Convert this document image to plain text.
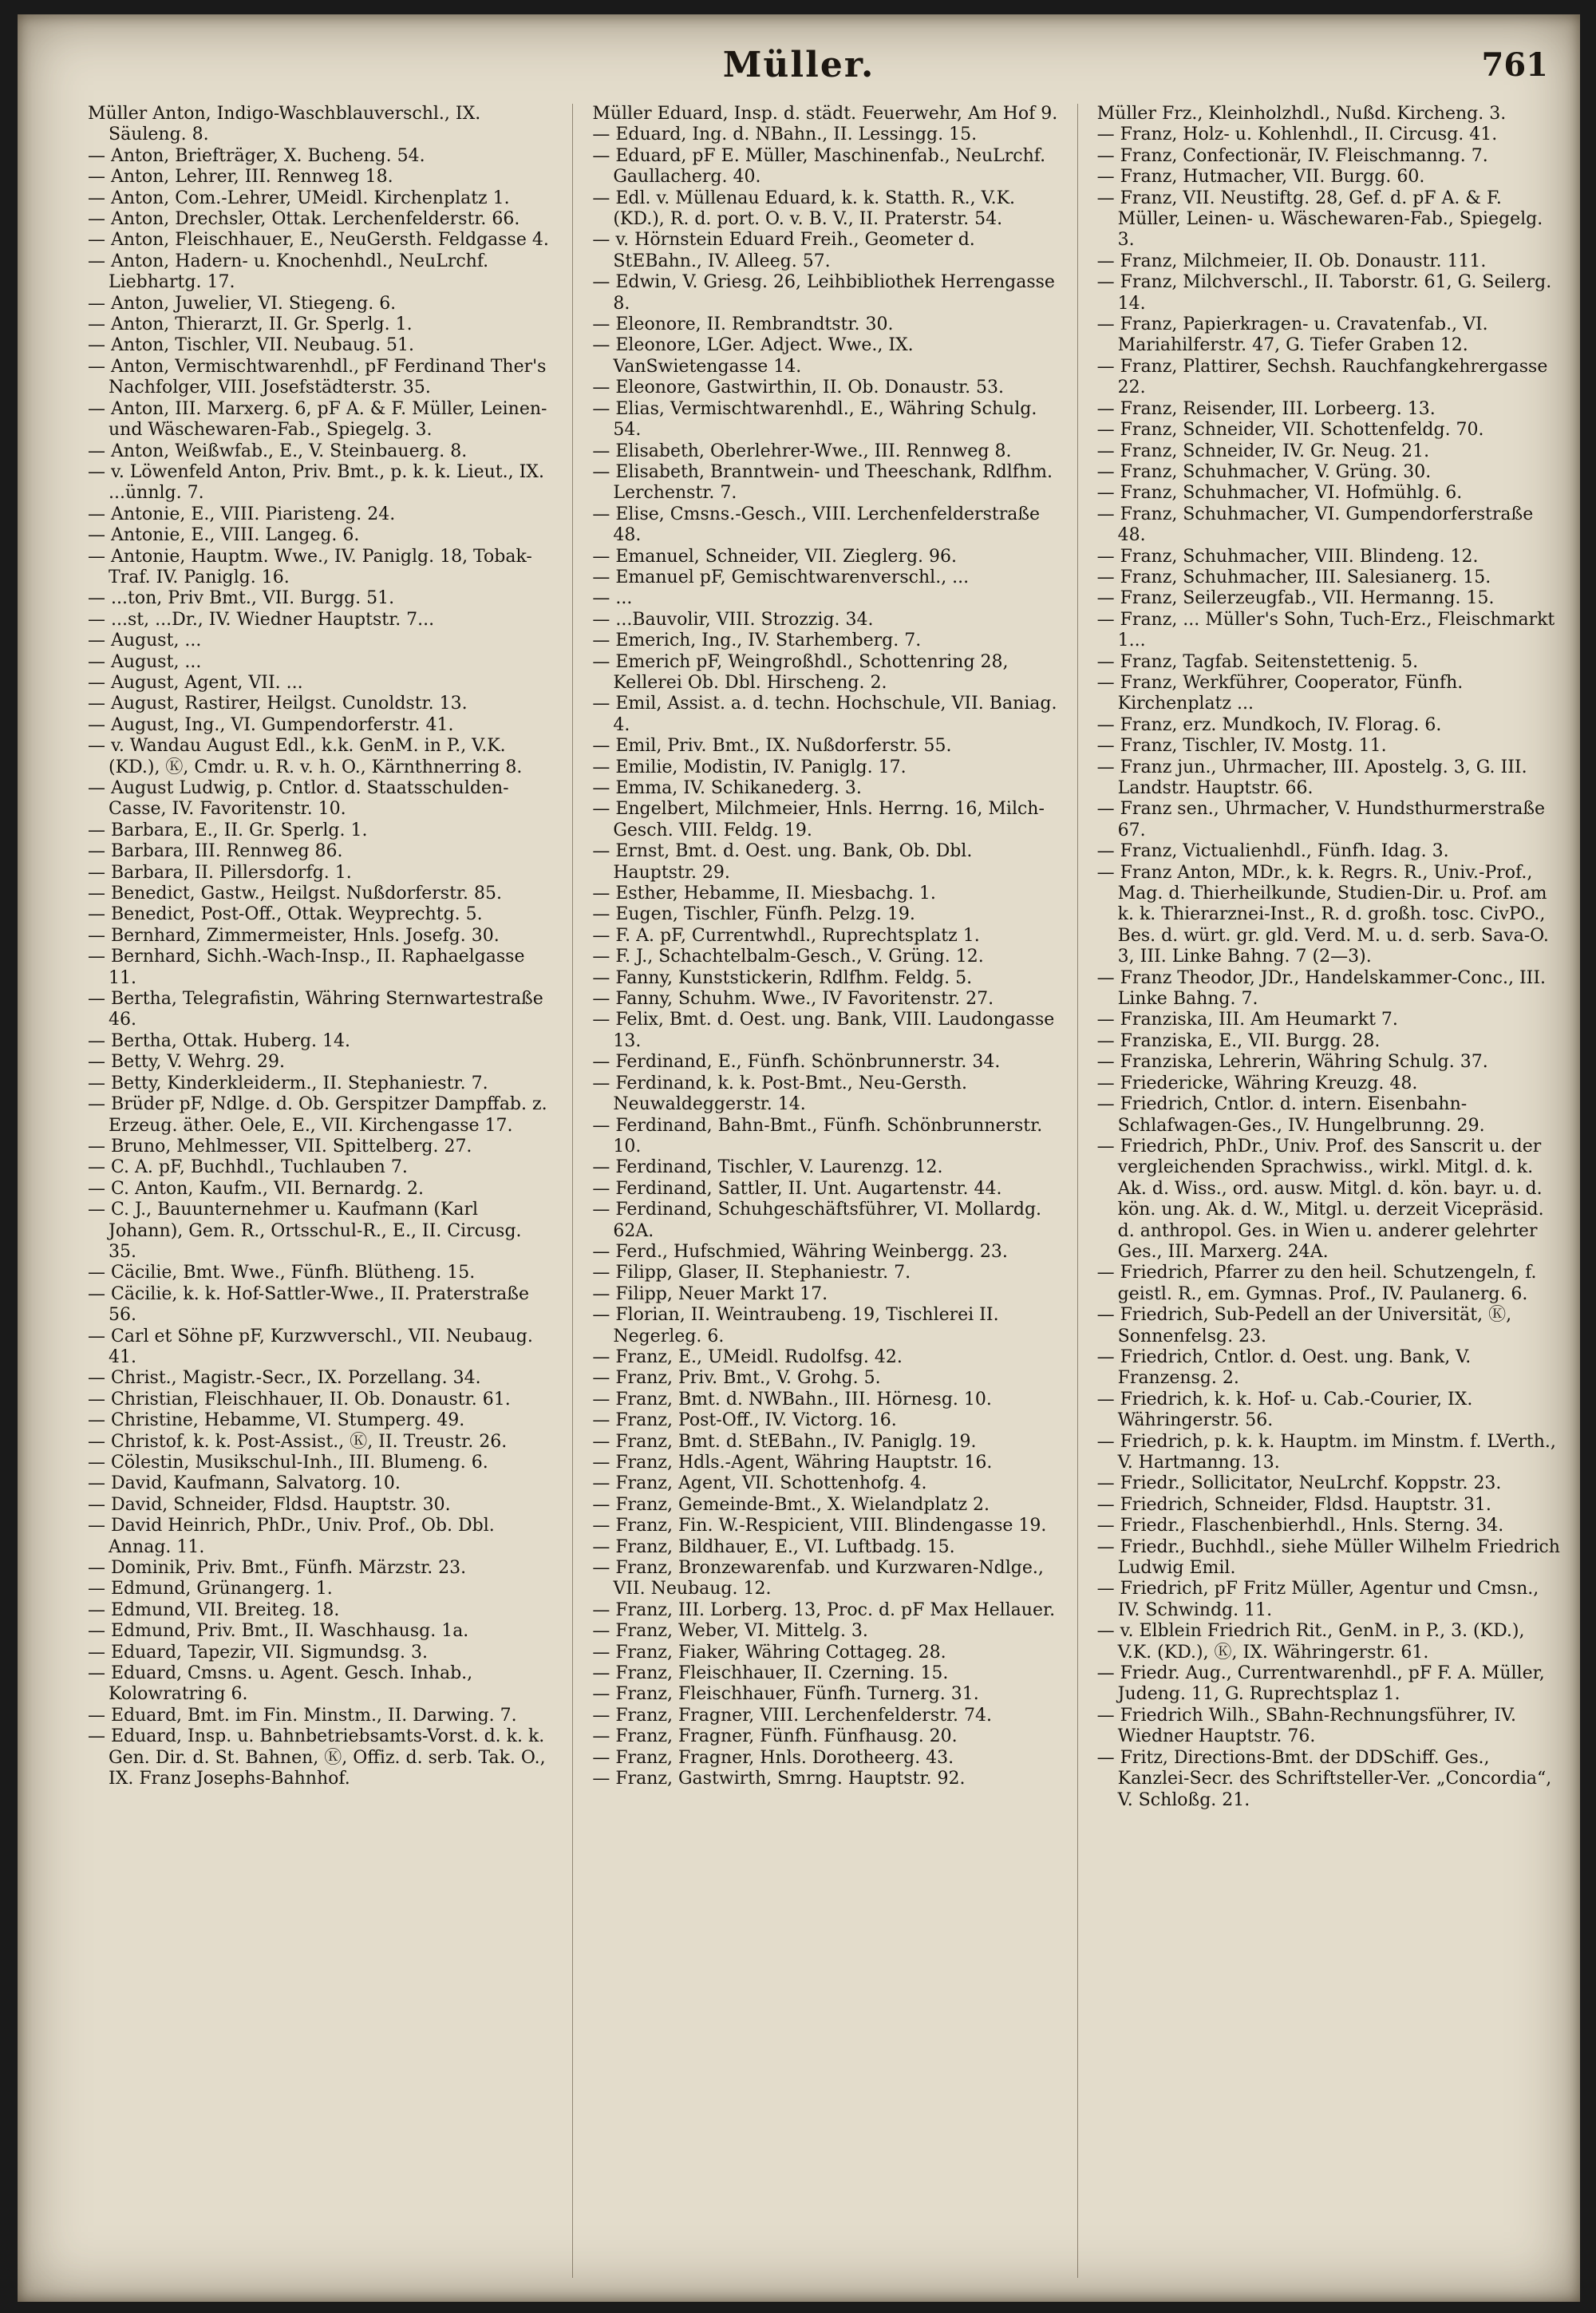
Müller.	761

Müller Anton, Indigo-Waschblauverschl., IX. Säuleng. 8.

— Anton, Briefträger, X. Bucheng. 54.

— Anton, Lehrer, III. Rennweg 18.

— Anton, Com.-Lehrer, UMeidl. Kirchenplatz 1.

— Anton, Drechsler, Ottak. Lerchenfelderstr. 66.

— Anton, Fleischhauer, E., NeuGersth. Feldgasse 4.

— Anton, Hadern- u. Knochenhdl., NeuLrchf. Liebhartg. 17.

— Anton, Juwelier, VI. Stiegeng. 6.

— Anton, Thierarzt, II. Gr. Sperlg. 1.

— Anton, Tischler, VII. Neubaug. 51.

— Anton, Vermischtwarenhdl., pF Ferdinand Ther's Nachfolger, VIII. Josefstädterstr. 35.

— Anton, III. Marxerg. 6, pF A. & F. Müller, Leinen- und Wäschewaren-Fab., Spiegelg. 3.

— Anton, Weißwfab., E., V. Steinbauerg. 8.

— v. Löwenfeld Anton, Priv. Bmt., p. k. k. Lieut., IX. ...ünnlg. 7.

— Antonie, E., VIII. Piaristeng. 24.

— Antonie, E., VIII. Langeg. 6.

— Antonie, Hauptm. Wwe., IV. Paniglg. 18, Tobak-Traf. IV. Paniglg. 16.

— ...ton, Priv Bmt., VII. Burgg. 51.

— ...st, ...Dr., IV. Wiedner Hauptstr. 7...

— August, ...

— August, ...

— August, Agent, VII. ...

— August, Rastirer, Heilgst. Cunoldstr. 13.

— August, Ing., VI. Gumpendorferstr. 41.

— v. Wandau August Edl., k.k. GenM. in P., V.K. (KD.), Ⓚ, Cmdr. u. R. v. h. O., Kärnthnerring 8.

— August Ludwig, p. Cntlor. d. Staatsschulden-Casse, IV. Favoritenstr. 10.

— Barbara, E., II. Gr. Sperlg. 1.

— Barbara, III. Rennweg 86.

— Barbara, II. Pillersdorfg. 1.

— Benedict, Gastw., Heilgst. Nußdorferstr. 85.

— Benedict, Post-Off., Ottak. Weyprechtg. 5.

— Bernhard, Zimmermeister, Hnls. Josefg. 30.

— Bernhard, Sichh.-Wach-Insp., II. Raphaelgasse 11.

— Bertha, Telegrafistin, Währing Sternwartestraße 46.

— Bertha, Ottak. Huberg. 14.

— Betty, V. Wehrg. 29.

— Betty, Kinderkleiderm., II. Stephaniestr. 7.

— Brüder pF, Ndlge. d. Ob. Gerspitzer Dampffab. z. Erzeug. äther. Oele, E., VII. Kirchengasse 17.

— Bruno, Mehlmesser, VII. Spittelberg. 27.

— C. A. pF, Buchhdl., Tuchlauben 7.

— C. Anton, Kaufm., VII. Bernardg. 2.

— C. J., Bauunternehmer u. Kaufmann (Karl Johann), Gem. R., Ortsschul-R., E., II. Circusg. 35.

— Cäcilie, Bmt. Wwe., Fünfh. Blütheng. 15.

— Cäcilie, k. k. Hof-Sattler-Wwe., II. Praterstraße 56.

— Carl et Söhne pF, Kurzwverschl., VII. Neubaug. 41.

— Christ., Magistr.-Secr., IX. Porzellang. 34.

— Christian, Fleischhauer, II. Ob. Donaustr. 61.

— Christine, Hebamme, VI. Stumperg. 49.

— Christof, k. k. Post-Assist., Ⓚ, II. Treustr. 26.

— Cölestin, Musikschul-Inh., III. Blumeng. 6.

— David, Kaufmann, Salvatorg. 10.

— David, Schneider, Fldsd. Hauptstr. 30.

— David Heinrich, PhDr., Univ. Prof., Ob. Dbl. Annag. 11.

— Dominik, Priv. Bmt., Fünfh. Märzstr. 23.

— Edmund, Grünangerg. 1.

— Edmund, VII. Breiteg. 18.

— Edmund, Priv. Bmt., II. Waschhausg. 1a.

— Eduard, Tapezir, VII. Sigmundsg. 3.

— Eduard, Cmsns. u. Agent. Gesch. Inhab., Kolowratring 6.

— Eduard, Bmt. im Fin. Minstm., II. Darwing. 7.

— Eduard, Insp. u. Bahnbetriebsamts-Vorst. d. k. k. Gen. Dir. d. St. Bahnen, Ⓚ, Offiz. d. serb. Tak. O., IX. Franz Josephs-Bahnhof.

Müller Eduard, Insp. d. städt. Feuerwehr, Am Hof 9.

— Eduard, Ing. d. NBahn., II. Lessingg. 15.

— Eduard, pF E. Müller, Maschinenfab., NeuLrchf. Gaullacherg. 40.

— Edl. v. Müllenau Eduard, k. k. Statth. R., V.K. (KD.), R. d. port. O. v. B. V., II. Praterstr. 54.

— v. Hörnstein Eduard Freih., Geometer d. StEBahn., IV. Alleeg. 57.

— Edwin, V. Griesg. 26, Leihbibliothek Herrengasse 8.

— Eleonore, II. Rembrandtstr. 30.

— Eleonore, LGer. Adject. Wwe., IX. VanSwietengasse 14.

— Eleonore, Gastwirthin, II. Ob. Donaustr. 53.

— Elias, Vermischtwarenhdl., E., Währing Schulg. 54.

— Elisabeth, Oberlehrer-Wwe., III. Rennweg 8.

— Elisabeth, Branntwein- und Theeschank, Rdlfhm. Lerchenstr. 7.

— Elise, Cmsns.-Gesch., VIII. Lerchenfelderstraße 48.

— Emanuel, Schneider, VII. Zieglerg. 96.

— Emanuel pF, Gemischtwarenverschl., ...

— ...

— ...Bauvolir, VIII. Strozzig. 34.

— Emerich, Ing., IV. Starhemberg. 7.

— Emerich pF, Weingroßhdl., Schottenring 28, Kellerei Ob. Dbl. Hirscheng. 2.

— Emil, Assist. a. d. techn. Hochschule, VII. Baniag. 4.

— Emil, Priv. Bmt., IX. Nußdorferstr. 55.

— Emilie, Modistin, IV. Paniglg. 17.

— Emma, IV. Schikanederg. 3.

— Engelbert, Milchmeier, Hnls. Herrng. 16, Milch-Gesch. VIII. Feldg. 19.

— Ernst, Bmt. d. Oest. ung. Bank, Ob. Dbl. Hauptstr. 29.

— Esther, Hebamme, II. Miesbachg. 1.

— Eugen, Tischler, Fünfh. Pelzg. 19.

— F. A. pF, Currentwhdl., Ruprechtsplatz 1.

— F. J., Schachtelbalm-Gesch., V. Grüng. 12.

— Fanny, Kunststickerin, Rdlfhm. Feldg. 5.

— Fanny, Schuhm. Wwe., IV Favoritenstr. 27.

— Felix, Bmt. d. Oest. ung. Bank, VIII. Laudongasse 13.

— Ferdinand, E., Fünfh. Schönbrunnerstr. 34.

— Ferdinand, k. k. Post-Bmt., Neu-Gersth. Neuwaldeggerstr. 14.

— Ferdinand, Bahn-Bmt., Fünfh. Schönbrunnerstr. 10.

— Ferdinand, Tischler, V. Laurenzg. 12.

— Ferdinand, Sattler, II. Unt. Augartenstr. 44.

— Ferdinand, Schuhgeschäftsführer, VI. Mollardg. 62A.

— Ferd., Hufschmied, Währing Weinbergg. 23.

— Filipp, Glaser, II. Stephaniestr. 7.

— Filipp, Neuer Markt 17.

— Florian, II. Weintraubeng. 19, Tischlerei II. Negerleg. 6.

— Franz, E., UMeidl. Rudolfsg. 42.

— Franz, Priv. Bmt., V. Grohg. 5.

— Franz, Bmt. d. NWBahn., III. Hörnesg. 10.

— Franz, Post-Off., IV. Victorg. 16.

— Franz, Bmt. d. StEBahn., IV. Paniglg. 19.

— Franz, Hdls.-Agent, Währing Hauptstr. 16.

— Franz, Agent, VII. Schottenhofg. 4.

— Franz, Gemeinde-Bmt., X. Wielandplatz 2.

— Franz, Fin. W.-Respicient, VIII. Blindengasse 19.

— Franz, Bildhauer, E., VI. Luftbadg. 15.

— Franz, Bronzewarenfab. und Kurzwaren-Ndlge., VII. Neubaug. 12.

— Franz, III. Lorberg. 13, Proc. d. pF Max Hellauer.

— Franz, Weber, VI. Mittelg. 3.

— Franz, Fiaker, Währing Cottageg. 28.

— Franz, Fleischhauer, II. Czerning. 15.

— Franz, Fleischhauer, Fünfh. Turnerg. 31.

— Franz, Fragner, VIII. Lerchenfelderstr. 74.

— Franz, Fragner, Fünfh. Fünfhausg. 20.

— Franz, Fragner, Hnls. Dorotheerg. 43.

— Franz, Gastwirth, Smrng. Hauptstr. 92.

Müller Frz., Kleinholzhdl., Nußd. Kircheng. 3.

— Franz, Holz- u. Kohlenhdl., II. Circusg. 41.

— Franz, Confectionär, IV. Fleischmanng. 7.

— Franz, Hutmacher, VII. Burgg. 60.

— Franz, VII. Neustiftg. 28, Gef. d. pF A. & F. Müller, Leinen- u. Wäschewaren-Fab., Spiegelg. 3.

— Franz, Milchmeier, II. Ob. Donaustr. 111.

— Franz, Milchverschl., II. Taborstr. 61, G. Seilerg. 14.

— Franz, Papierkragen- u. Cravatenfab., VI. Mariahilferstr. 47, G. Tiefer Graben 12.

— Franz, Plattirer, Sechsh. Rauchfangkehrergasse 22.

— Franz, Reisender, III. Lorbeerg. 13.

— Franz, Schneider, VII. Schottenfeldg. 70.

— Franz, Schneider, IV. Gr. Neug. 21.

— Franz, Schuhmacher, V. Grüng. 30.

— Franz, Schuhmacher, VI. Hofmühlg. 6.

— Franz, Schuhmacher, VI. Gumpendorferstraße 48.

— Franz, Schuhmacher, VIII. Blindeng. 12.

— Franz, Schuhmacher, III. Salesianerg. 15.

— Franz, Seilerzeugfab., VII. Hermanng. 15.

— Franz, ... Müller's Sohn, Tuch-Erz., Fleischmarkt 1...

— Franz, Tagfab. Seitenstettenig. 5.

— Franz, Werkführer, Cooperator, Fünfh. Kirchenplatz ...

— Franz, erz. Mundkoch, IV. Florag. 6.

— Franz, Tischler, IV. Mostg. 11.

— Franz jun., Uhrmacher, III. Apostelg. 3, G. III. Landstr. Hauptstr. 66.

— Franz sen., Uhrmacher, V. Hundsthurmerstraße 67.

— Franz, Victualienhdl., Fünfh. Idag. 3.

— Franz Anton, MDr., k. k. Regrs. R., Univ.-Prof., Mag. d. Thierheilkunde, Studien-Dir. u. Prof. am k. k. Thierarznei-Inst., R. d. großh. tosc. CivPO., Bes. d. würt. gr. gld. Verd. M. u. d. serb. Sava-O. 3, III. Linke Bahng. 7 (2—3).

— Franz Theodor, JDr., Handelskammer-Conc., III. Linke Bahng. 7.

— Franziska, III. Am Heumarkt 7.

— Franziska, E., VII. Burgg. 28.

— Franziska, Lehrerin, Währing Schulg. 37.

— Friedericke, Währing Kreuzg. 48.

— Friedrich, Cntlor. d. intern. Eisenbahn-Schlafwagen-Ges., IV. Hungelbrunng. 29.

— Friedrich, PhDr., Univ. Prof. des Sanscrit u. der vergleichenden Sprachwiss., wirkl. Mitgl. d. k. Ak. d. Wiss., ord. ausw. Mitgl. d. kön. bayr. u. d. kön. ung. Ak. d. W., Mitgl. u. derzeit Vicepräsid. d. anthropol. Ges. in Wien u. anderer gelehrter Ges., III. Marxerg. 24A.

— Friedrich, Pfarrer zu den heil. Schutzengeln, f. geistl. R., em. Gymnas. Prof., IV. Paulanerg. 6.

— Friedrich, Sub-Pedell an der Universität, Ⓚ, Sonnenfelsg. 23.

— Friedrich, Cntlor. d. Oest. ung. Bank, V. Franzensg. 2.

— Friedrich, k. k. Hof- u. Cab.-Courier, IX. Währingerstr. 56.

— Friedrich, p. k. k. Hauptm. im Minstm. f. LVerth., V. Hartmanng. 13.

— Friedr., Sollicitator, NeuLrchf. Koppstr. 23.

— Friedrich, Schneider, Fldsd. Hauptstr. 31.

— Friedr., Flaschenbierhdl., Hnls. Sterng. 34.

— Friedr., Buchhdl., siehe Müller Wilhelm Friedrich Ludwig Emil.

— Friedrich, pF Fritz Müller, Agentur und Cmsn., IV. Schwindg. 11.

— v. Elblein Friedrich Rit., GenM. in P., 3. (KD.), V.K. (KD.), Ⓚ, IX. Währingerstr. 61.

— Friedr. Aug., Currentwarenhdl., pF F. A. Müller, Judeng. 11, G. Ruprechtsplaz 1.

— Friedrich Wilh., SBahn-Rechnungsführer, IV. Wiedner Hauptstr. 76.

— Fritz, Directions-Bmt. der DDSchiff. Ges., Kanzlei-Secr. des Schriftsteller-Ver. „Concordia“, V. Schloßg. 21.
